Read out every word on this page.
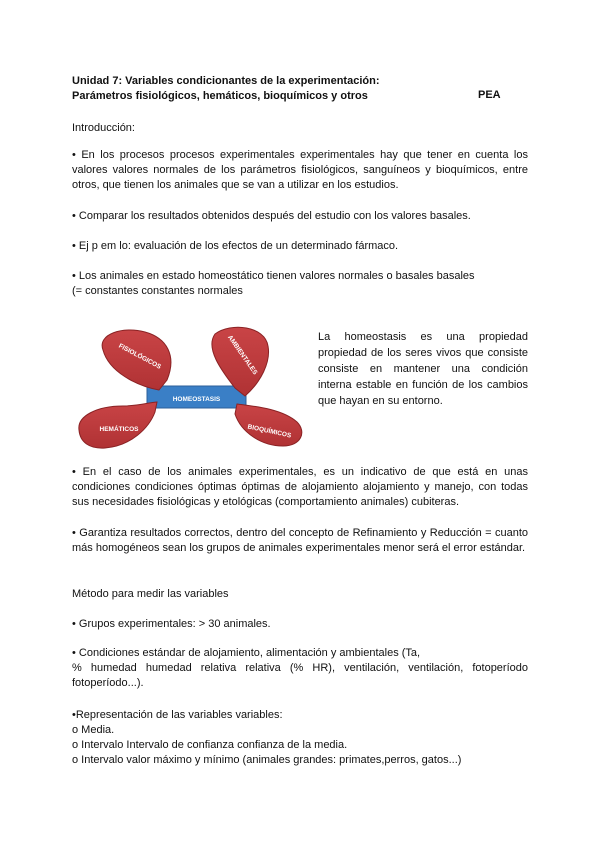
Unidad 7: Variables condicionantes de la experimentación:
Parámetros fisiológicos, hemáticos, bioquímicos y otros	PEA
Introducción:
• En los procesos procesos experimentales experimentales hay que tener en cuenta los valores valores normales de los parámetros fisiológicos, sanguíneos y bioquímicos, entre otros, que tienen los animales que se van a utilizar en los estudios.
• Comparar los resultados obtenidos después del estudio con los valores basales.
• Ej p em lo: evaluación de los efectos de un determinado fármaco.
• Los animales en estado homeostático tienen valores normales o basales basales
(= constantes constantes normales
HOMEOSTASIS
FISIOLÓGICOS	AMBIENTALES
HEMÁTICOS	BIOQUÍMICOS
La homeostasis es una propiedad propiedad de los seres vivos que consiste consiste en mantener una condición interna estable en función de los cambios que hayan en su entorno.
• En el caso de los animales experimentales, es un indicativo de que está en unas condiciones condiciones óptimas óptimas de alojamiento alojamiento y manejo, con todas sus necesidades fisiológicas y etológicas (comportamiento animales) cubiteras.
• Garantiza resultados correctos, dentro del concepto de Refinamiento y Reducción = cuanto más homogéneos sean los grupos de animales experimentales menor será el error estándar.
Método para medir las variables
• Grupos experimentales: > 30 animales.
• Condiciones estándar de alojamiento, alimentación y ambientales (Ta,
% humedad humedad relativa relativa (% HR), ventilación, ventilación, fotoperíodo
fotoperíodo...).
•Representación de las variables variables:
o Media.
o Intervalo Intervalo de confianza confianza de la media.
o Intervalo valor máximo y mínimo (animales grandes: primates,perros, gatos...)
